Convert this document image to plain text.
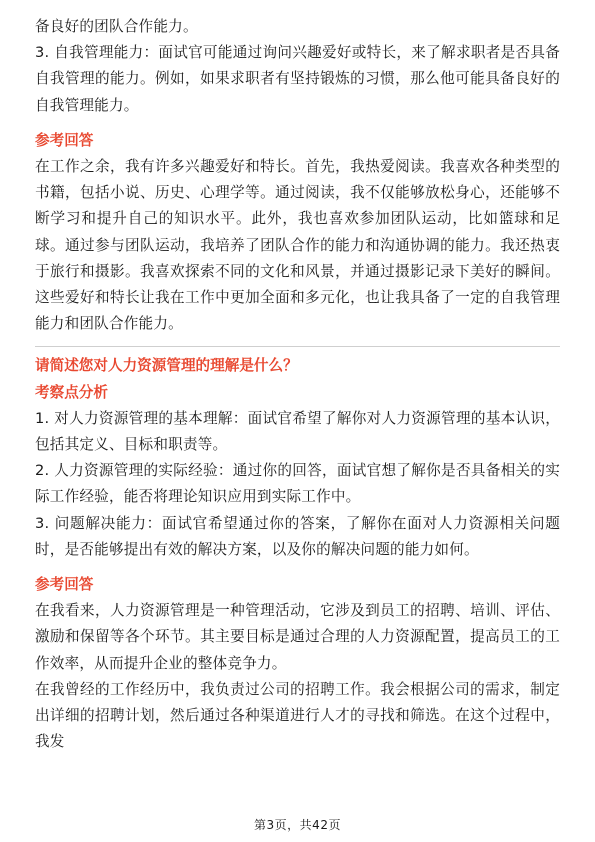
备良好的团队合作能力。

3. 自我管理能力：面试官可能通过询问兴趣爱好或特长，来了解求职者是否具备自我管理的能力。例如，如果求职者有坚持锻炼的习惯，那么他可能具备良好的自我管理能力。

参考回答

在工作之余，我有许多兴趣爱好和特长。首先，我热爱阅读。我喜欢各种类型的书籍，包括小说、历史、心理学等。通过阅读，我不仅能够放松身心，还能够不断学习和提升自己的知识水平。此外，我也喜欢参加团队运动，比如篮球和足球。通过参与团队运动，我培养了团队合作的能力和沟通协调的能力。我还热衷于旅行和摄影。我喜欢探索不同的文化和风景，并通过摄影记录下美好的瞬间。这些爱好和特长让我在工作中更加全面和多元化，也让我具备了一定的自我管理能力和团队合作能力。

请简述您对人力资源管理的理解是什么？

考察点分析

1. 对人力资源管理的基本理解：面试官希望了解你对人力资源管理的基本认识，包括其定义、目标和职责等。

2. 人力资源管理的实际经验：通过你的回答，面试官想了解你是否具备相关的实际工作经验，能否将理论知识应用到实际工作中。

3. 问题解决能力：面试官希望通过你的答案，了解你在面对人力资源相关问题时，是否能够提出有效的解决方案，以及你的解决问题的能力如何。

参考回答

在我看来，人力资源管理是一种管理活动，它涉及到员工的招聘、培训、评估、激励和保留等各个环节。其主要目标是通过合理的人力资源配置，提高员工的工作效率，从而提升企业的整体竞争力。

在我曾经的工作经历中，我负责过公司的招聘工作。我会根据公司的需求，制定出详细的招聘计划，然后通过各种渠道进行人才的寻找和筛选。在这个过程中，我发

第3页，共42页
